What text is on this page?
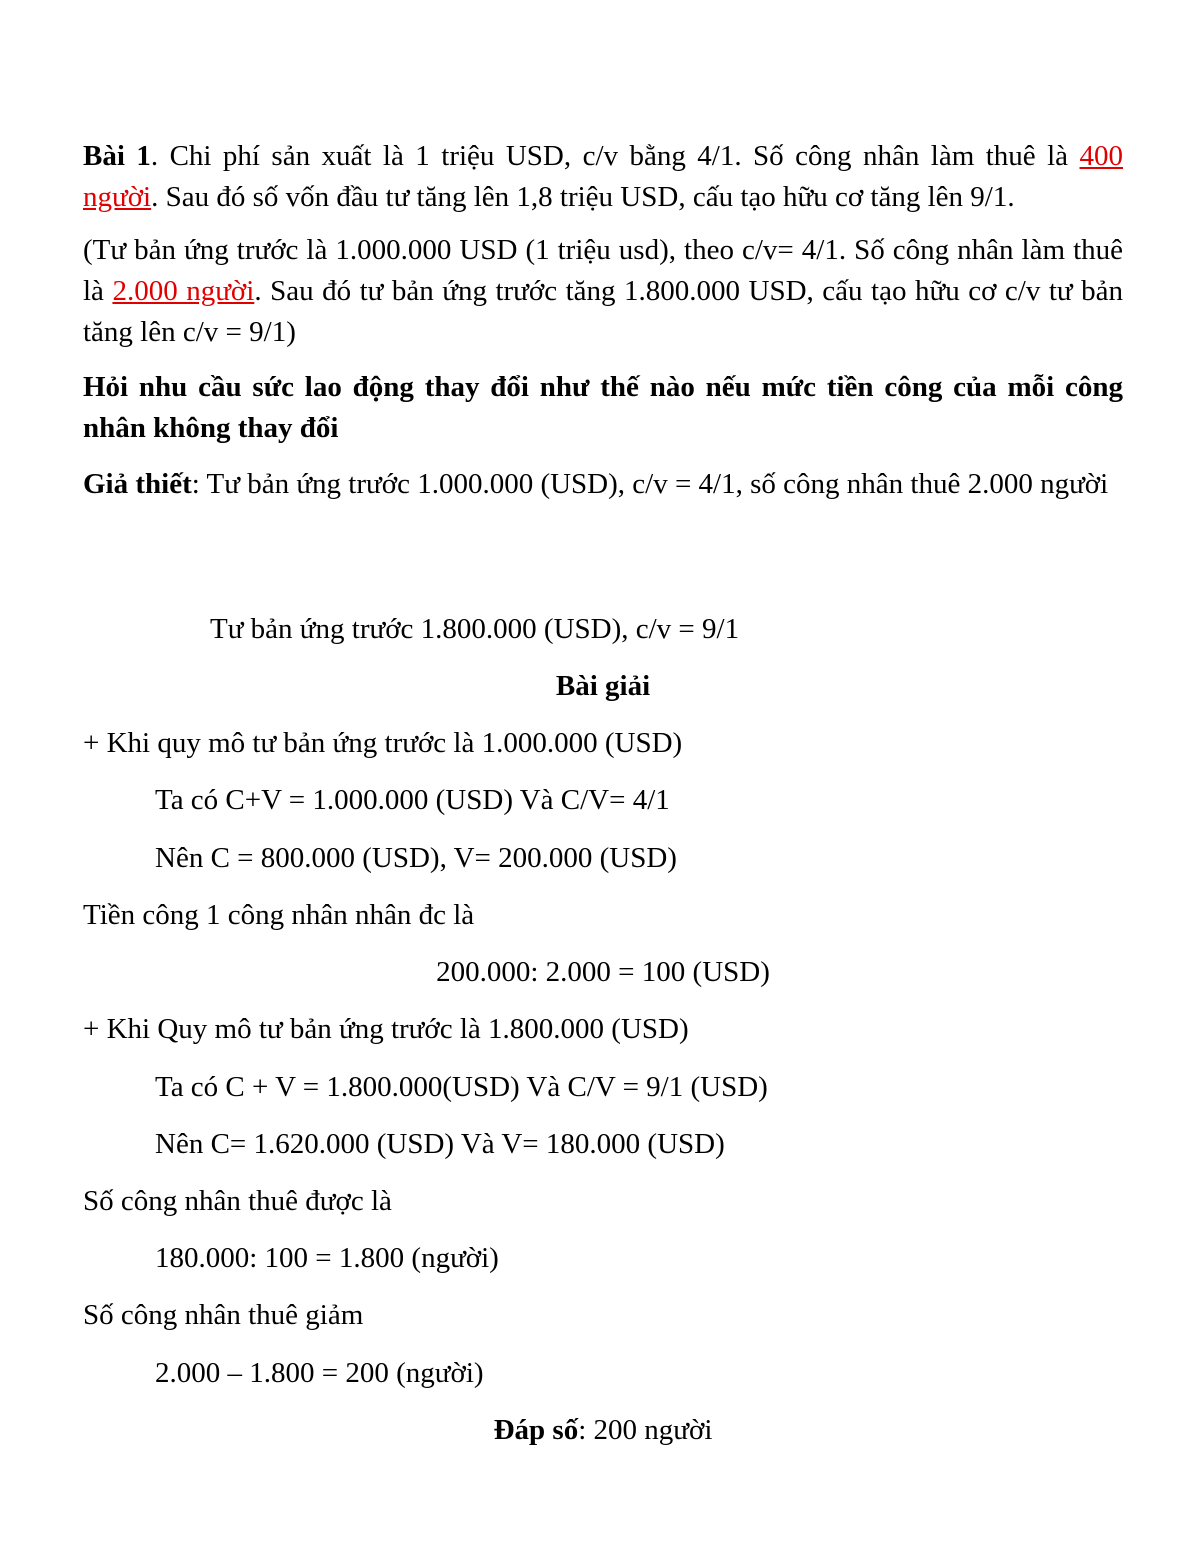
Bài 1. Chi phí sản xuất là 1 triệu USD, c/v bằng 4/1. Số công nhân làm thuê là 400 người. Sau đó số vốn đầu tư tăng lên 1,8 triệu USD, cấu tạo hữu cơ tăng lên 9/1.

(Tư bản ứng trước là 1.000.000 USD (1 triệu usd), theo c/v= 4/1. Số công nhân làm thuê là 2.000 người. Sau đó tư bản ứng trước tăng 1.800.000 USD, cấu tạo hữu cơ c/v tư bản tăng lên c/v = 9/1)

Hỏi nhu cầu sức lao động thay đổi như thế nào nếu mức tiền công của mỗi công nhân không thay đổi

Giả thiết: Tư bản ứng trước 1.000.000 (USD), c/v = 4/1, số công nhân thuê 2.000 người

Tư bản ứng trước 1.800.000 (USD), c/v = 9/1

Bài giải

+ Khi quy mô tư bản ứng trước là 1.000.000 (USD)

Ta có C+V = 1.000.000 (USD) Và C/V= 4/1

Nên C = 800.000 (USD), V= 200.000 (USD)

Tiền công 1 công nhân nhân đc là

200.000: 2.000 = 100 (USD)

+ Khi Quy mô tư bản ứng trước là 1.800.000 (USD)

Ta có C + V = 1.800.000(USD) Và C/V = 9/1 (USD)

Nên C= 1.620.000 (USD) Và V= 180.000 (USD)

Số công nhân thuê được là

180.000: 100 = 1.800 (người)

Số công nhân thuê giảm

2.000 – 1.800 = 200 (người)

Đáp số: 200 người
